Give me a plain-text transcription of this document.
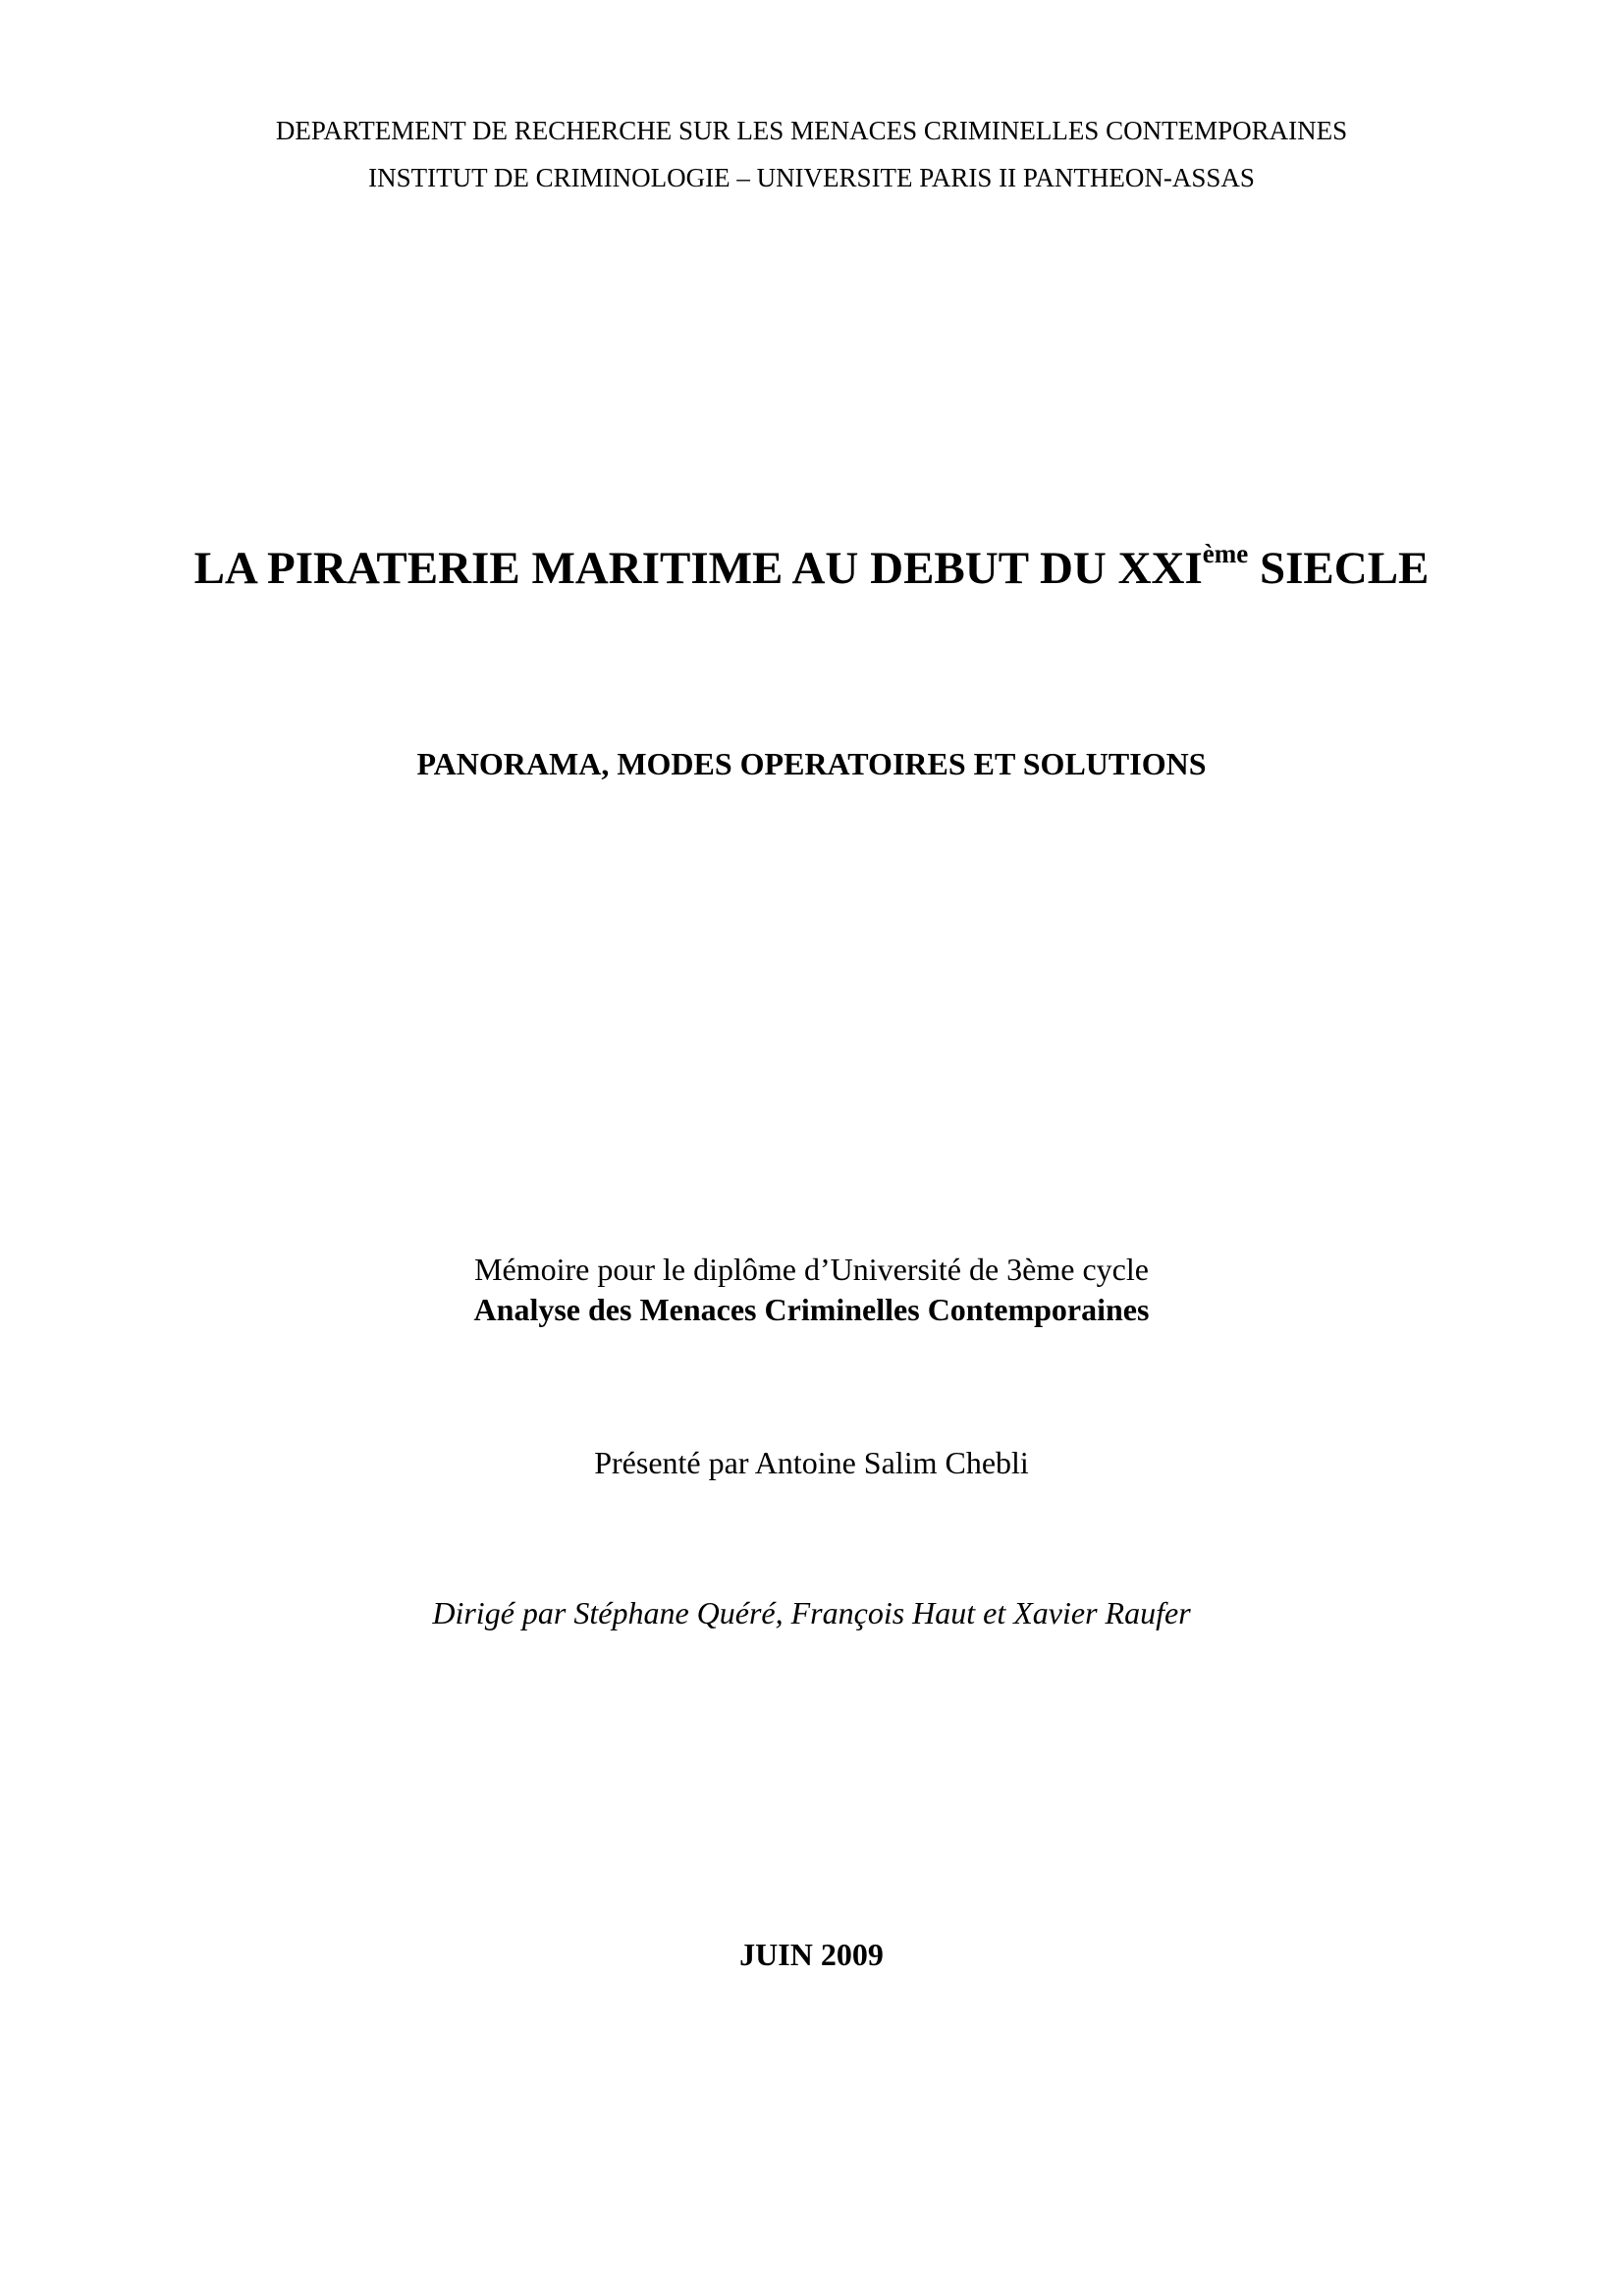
DEPARTEMENT DE RECHERCHE SUR LES MENACES CRIMINELLES CONTEMPORAINES
INSTITUT DE CRIMINOLOGIE – UNIVERSITE PARIS II PANTHEON-ASSAS
LA PIRATERIE MARITIME AU DEBUT DU XXIème SIECLE
PANORAMA, MODES OPERATOIRES ET SOLUTIONS
Mémoire pour le diplôme d’Université de 3ème cycle
Analyse des Menaces Criminelles Contemporaines
Présenté par Antoine Salim Chebli
Dirigé par Stéphane Quéré, François Haut et Xavier Raufer
JUIN 2009
